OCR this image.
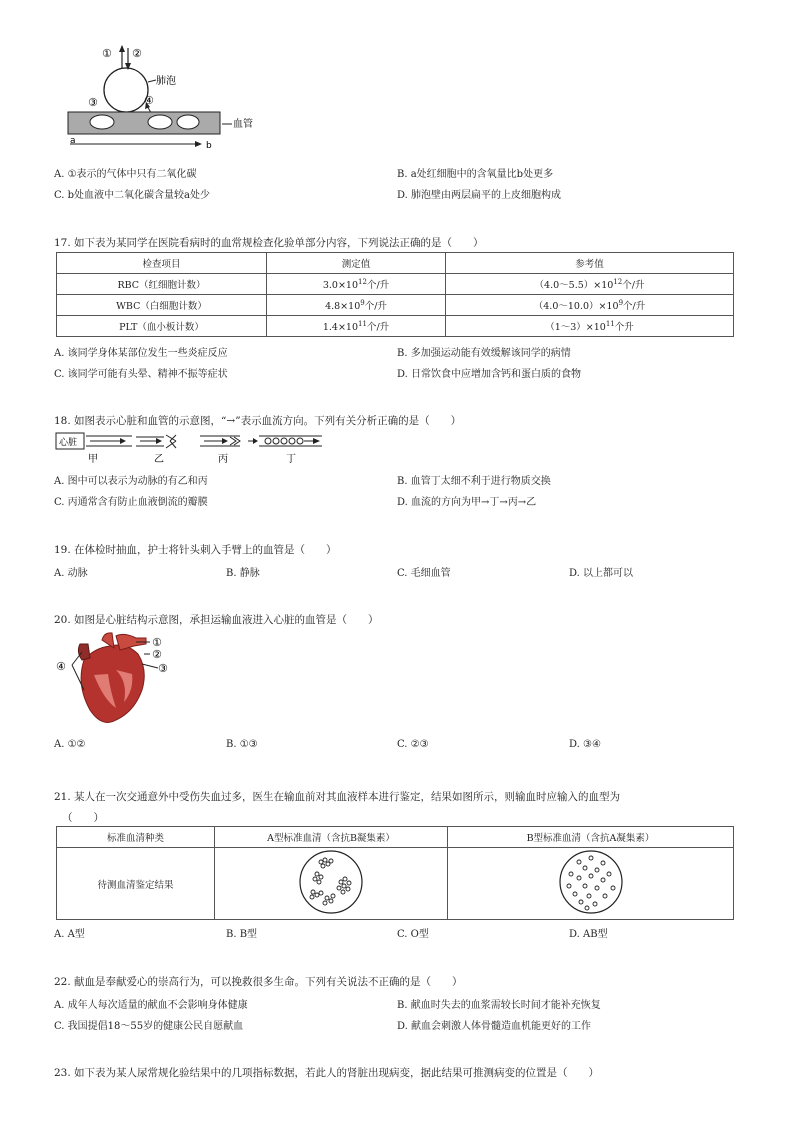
① ②
肺泡
③	④
血管
a	b
A. ①表示的气体中只有二氧化碳	B. a处红细胞中的含氧量比b处更多
C. b处血液中二氧化碳含量较a处少	D. 肺泡壁由两层扁平的上皮细胞构成
17. 如下表为某同学在医院看病时的血常规检查化验单部分内容，下列说法正确的是（　　）
检查项目	测定值	参考值
RBC（红细胞计数）	$3.0\times 10^{12}$个/升	$(4.0\sim 5.5)\times 10^{12}$个/升
WBC（白细胞计数）	$4.8\times 10^9$个/升	$(4.0\sim 10.0)\times 10^9$个/升
PLT（血小板计数）	$1.4\times 10^{11}$个/升	$(1\sim 3)\times 10^{11}$个升
A. 该同学身体某部位发生一些炎症反应	B. 多加强运动能有效缓解该同学的病情
C. 该同学可能有头晕、精神不振等症状	D. 日常饮食中应增加含钙和蛋白质的食物
18. 如图表示心脏和血管的示意图，“→”表示血流方向。下列有关分析正确的是（　　）
心脏
甲	乙	丙	丁
A. 图中可以表示为动脉的有乙和丙	B. 血管丁太细不利于进行物质交换
C. 丙通常含有防止血液倒流的瓣膜	D. 血流的方向为甲→丁→丙→乙
19. 在体检时抽血，护士将针头刺入手臂上的血管是（　　）
A. 动脉	B. 静脉	C. 毛细血管	D. 以上都可以
20. 如图是心脏结构示意图，承担运输血液进入心脏的血管是（　　）
①
②
③
④
A. ①②	B. ①③	C. ②③	D. ③④
21. 某人在一次交通意外中受伤失血过多，医生在输血前对其血液样本进行鉴定，结果如图所示，则输血时应输入的血型为
（　　）
标准血清种类	A型标准血清（含抗B凝集素）	B型标准血清（含抗A凝集素）
待测血清鉴定结果		
A. A型	B. B型	C. O型	D. AB型
22. 献血是奉献爱心的崇高行为，可以挽救很多生命。下列有关说法不正确的是（　　）
A. 成年人每次适量的献血不会影响身体健康	B. 献血时失去的血浆需较长时间才能补充恢复
C. 我国提倡18～55岁的健康公民自愿献血	D. 献血会刺激人体骨髓造血机能更好的工作
23. 如下表为某人尿常规化验结果中的几项指标数据，若此人的肾脏出现病变，据此结果可推测病变的位置是（　　）
